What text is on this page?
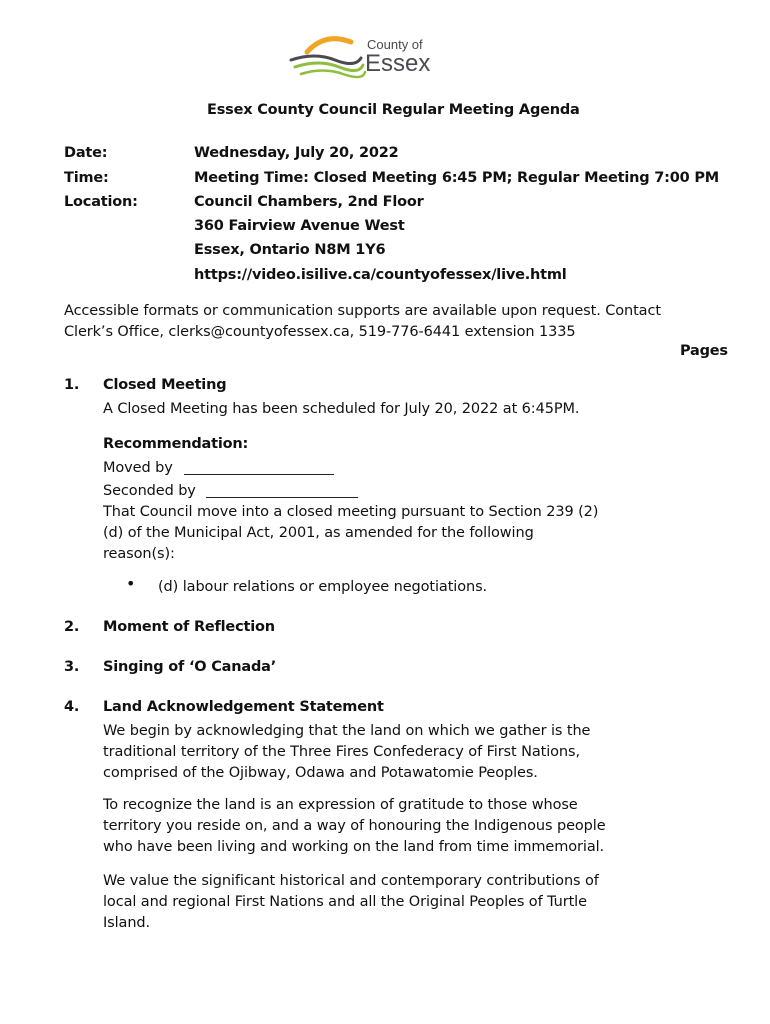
County of
Essex
Essex County Council Regular Meeting Agenda
Date:	Wednesday, July 20, 2022
Time:	Meeting Time: Closed Meeting 6:45 PM; Regular Meeting 7:00 PM
Location:	Council Chambers, 2nd Floor
360 Fairview Avenue West
Essex, Ontario N8M 1Y6
https://video.isilive.ca/countyofessex/live.html
Accessible formats or communication supports are available upon request. Contact
Clerk’s Office, clerks@countyofessex.ca, 519-776-6441 extension 1335
Pages
1. Closed Meeting
A Closed Meeting has been scheduled for July 20, 2022 at 6:45PM.
Recommendation:
Moved by
Seconded by
That Council move into a closed meeting pursuant to Section 239 (2)
(d) of the Municipal Act, 2001, as amended for the following
reason(s):
• (d) labour relations or employee negotiations.
2. Moment of Reflection
3. Singing of ‘O Canada’
4. Land Acknowledgement Statement
We begin by acknowledging that the land on which we gather is the
traditional territory of the Three Fires Confederacy of First Nations,
comprised of the Ojibway, Odawa and Potawatomie Peoples.
To recognize the land is an expression of gratitude to those whose
territory you reside on, and a way of honouring the Indigenous people
who have been living and working on the land from time immemorial.
We value the significant historical and contemporary contributions of
local and regional First Nations and all the Original Peoples of Turtle
Island.
